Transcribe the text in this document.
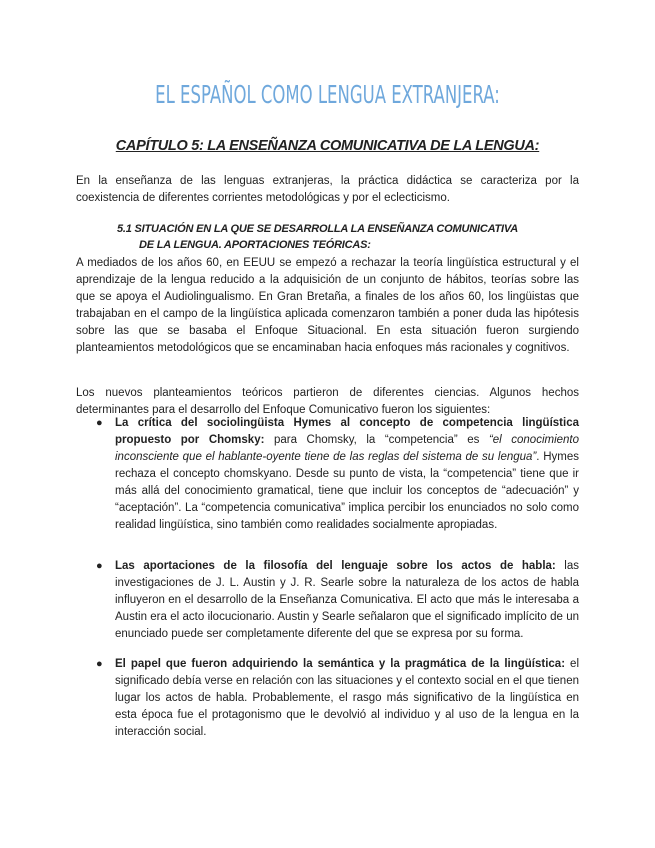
EL ESPAÑOL COMO LENGUA EXTRANJERA:
CAPÍTULO 5: LA ENSEÑANZA COMUNICATIVA DE LA LENGUA:

En la enseñanza de las lenguas extranjeras, la práctica didáctica se caracteriza por la coexistencia de diferentes corrientes metodológicas y por el eclecticismo.

5.1 SITUACIÓN EN LA QUE SE DESARROLLA LA ENSEÑANZA COMUNICATIVA
DE LA LENGUA. APORTACIONES TEÓRICAS:

A mediados de los años 60, en EEUU se empezó a rechazar la teoría lingüística estructural y el aprendizaje de la lengua reducido a la adquisición de un conjunto de hábitos, teorías sobre las que se apoya el Audiolingualismo. En Gran Bretaña, a finales de los años 60, los lingüistas que trabajaban en el campo de la lingüística aplicada comenzaron también a poner duda las hipótesis sobre las que se basaba el Enfoque Situacional. En esta situación fueron surgiendo planteamientos metodológicos que se encaminaban hacia enfoques más racionales y cognitivos.

Los nuevos planteamientos teóricos partieron de diferentes ciencias. Algunos hechos determinantes para el desarrollo del Enfoque Comunicativo fueron los siguientes:

● La crítica del sociolingüista Hymes al concepto de competencia lingüística propuesto por Chomsky: para Chomsky, la “competencia” es “el conocimiento inconsciente que el hablante-oyente tiene de las reglas del sistema de su lengua”. Hymes rechaza el concepto chomskyano. Desde su punto de vista, la “competencia” tiene que ir más allá del conocimiento gramatical, tiene que incluir los conceptos de “adecuación” y “aceptación”. La “competencia comunicativa” implica percibir los enunciados no solo como realidad lingüística, sino también como realidades socialmente apropiadas.
● Las aportaciones de la filosofía del lenguaje sobre los actos de habla: las investigaciones de J. L. Austin y J. R. Searle sobre la naturaleza de los actos de habla influyeron en el desarrollo de la Enseñanza Comunicativa. El acto que más le interesaba a Austin era el acto ilocucionario. Austin y Searle señalaron que el significado implícito de un enunciado puede ser completamente diferente del que se expresa por su forma.
● El papel que fueron adquiriendo la semántica y la pragmática de la lingüística: el significado debía verse en relación con las situaciones y el contexto social en el que tienen lugar los actos de habla. Probablemente, el rasgo más significativo de la lingüística en esta época fue el protagonismo que le devolvió al individuo y al uso de la lengua en la interacción social.
